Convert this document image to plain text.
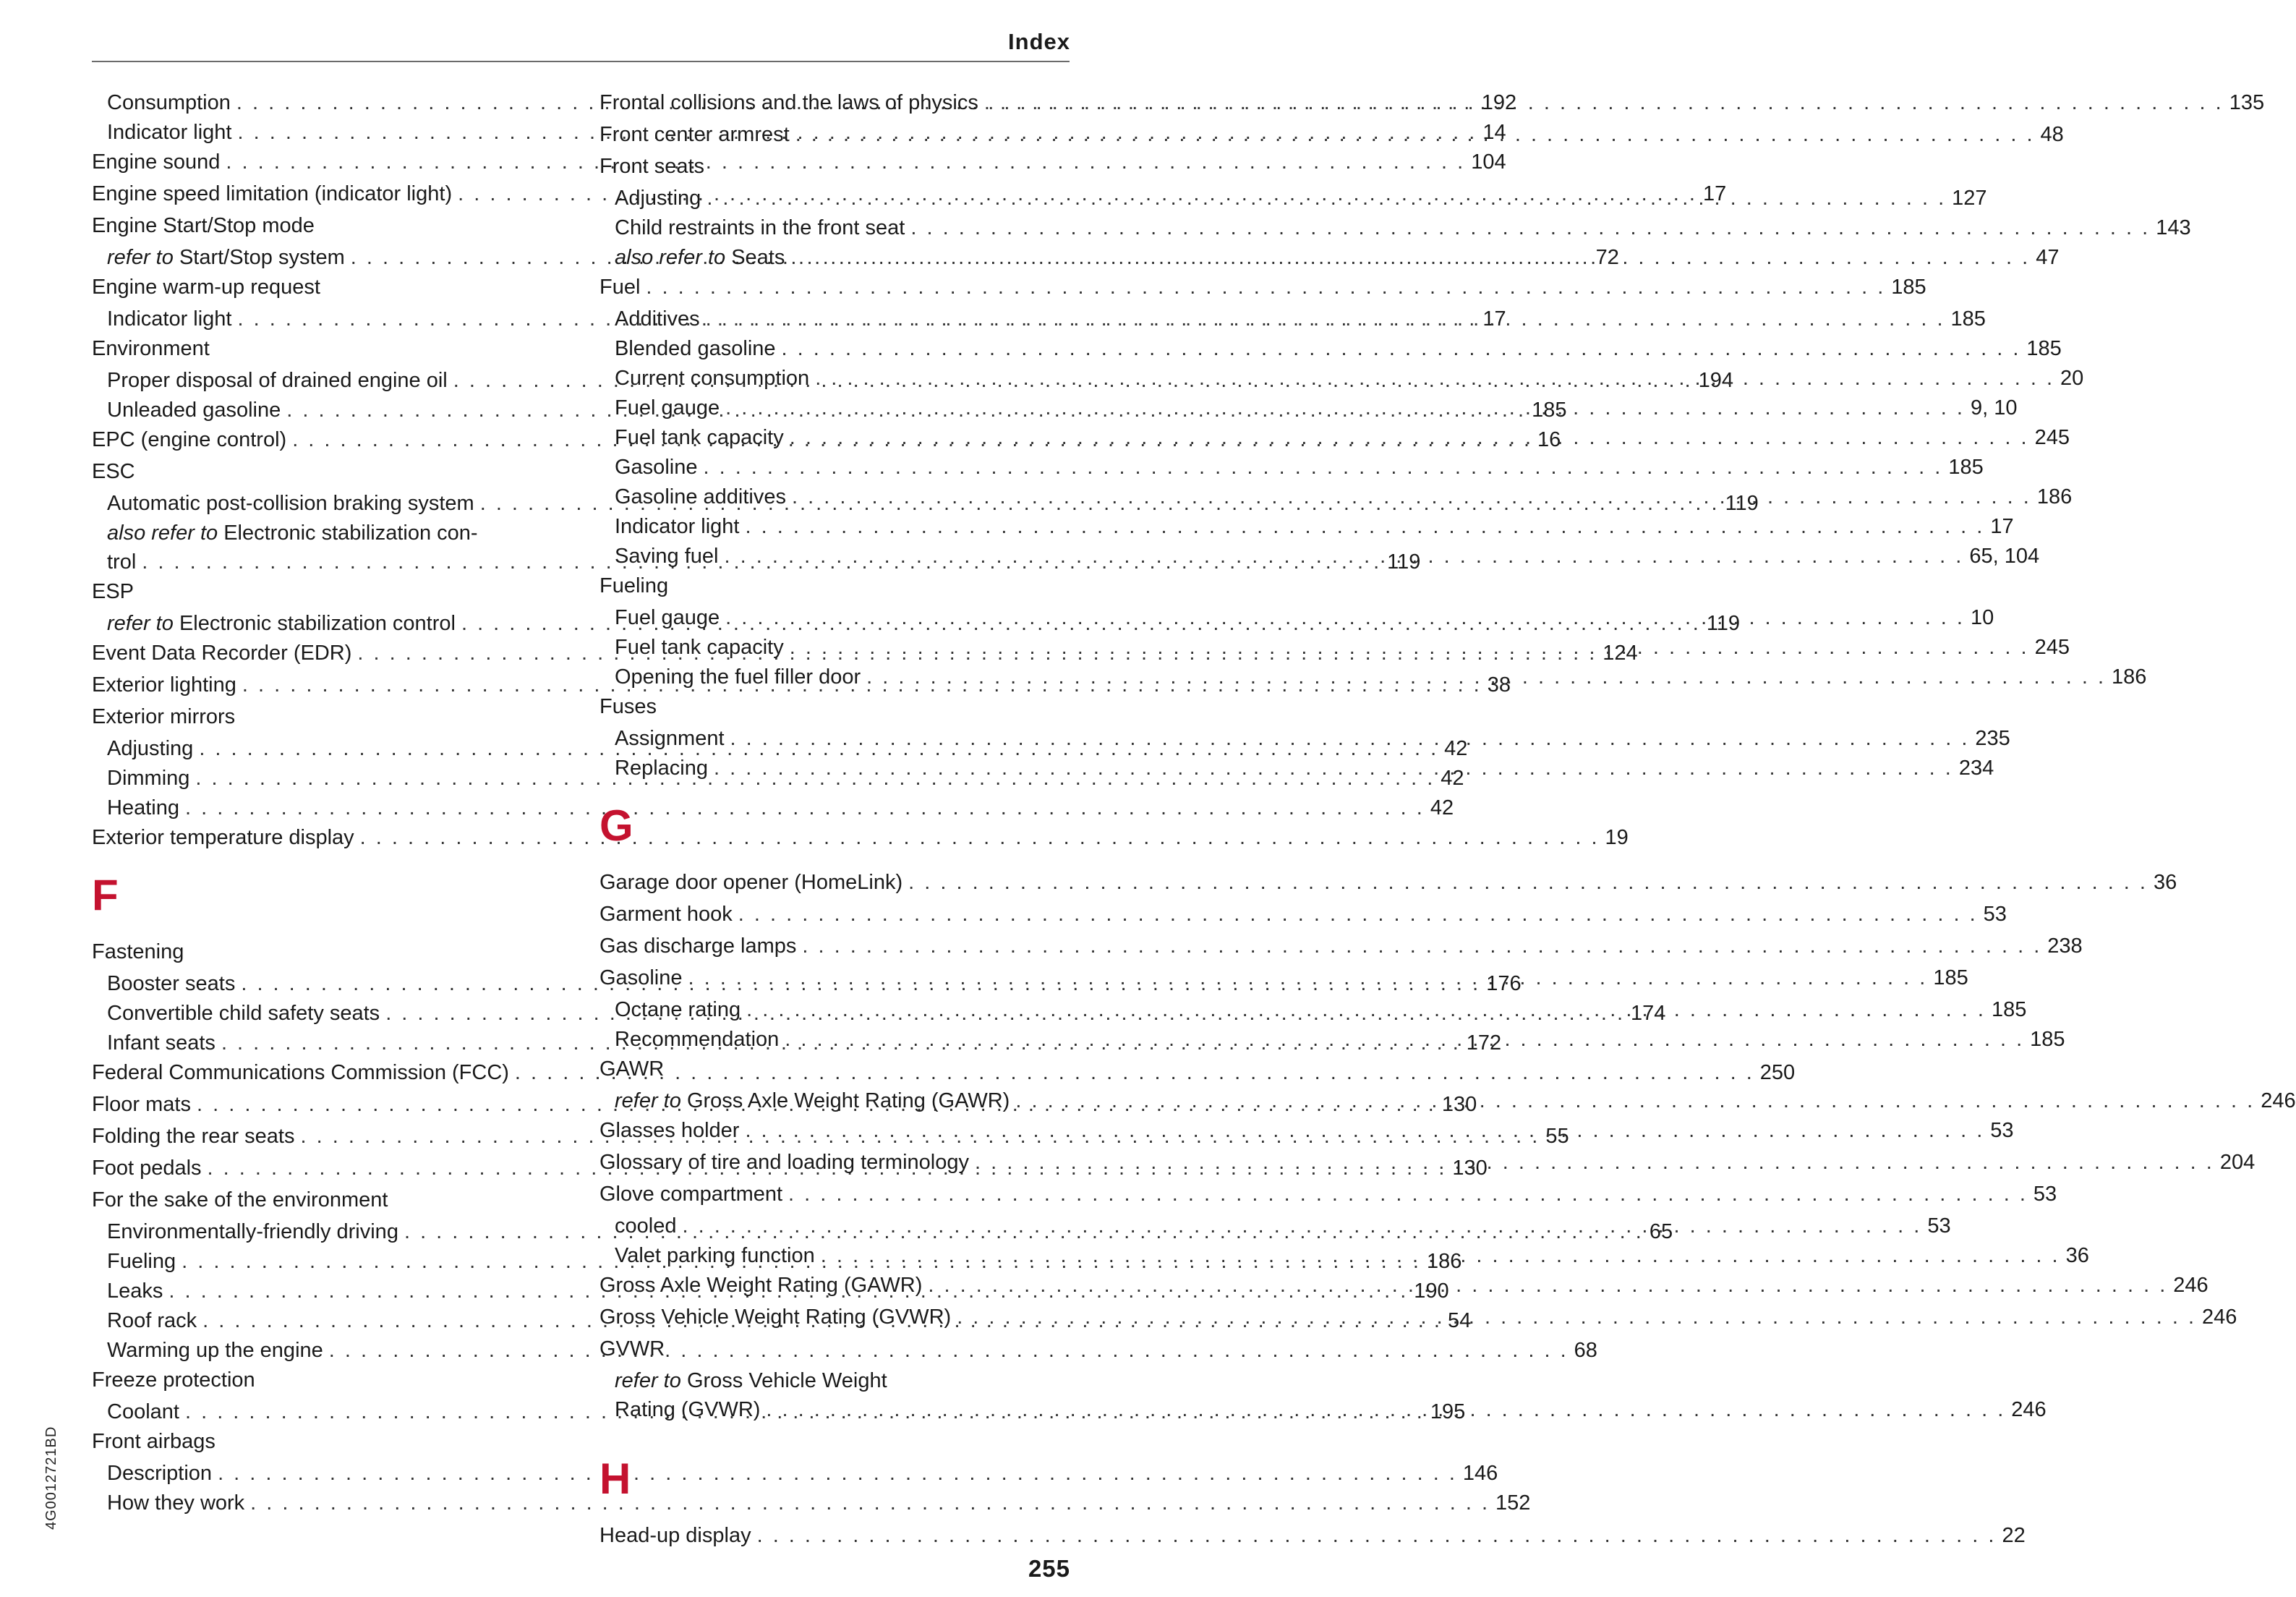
Index
Consumption . . .	192
Indicator light . . .	14
Engine sound . . .	104
Engine speed limitation (indicator light) . . .	17
Engine Start/Stop mode
refer to Start/Stop system . . .	72
Engine warm-up request
Indicator light . . .	17
Environment
Proper disposal of drained engine oil . . .	194
Unleaded gasoline . . .	185
EPC (engine control) . . .	16
ESC
Automatic post-collision braking system . . .	119
also refer to Electronic stabilization con-
trol . . .	119
ESP
refer to Electronic stabilization control . . .	119
Event Data Recorder (EDR) . . .	124
Exterior lighting . . .	38
Exterior mirrors
Adjusting . . .	42
Dimming . . .	42
Heating . . .	42
Exterior temperature display . . .	19
F
Fastening
Booster seats . . .	176
Convertible child safety seats . . .	174
Infant seats . . .	172
Federal Communications Commission (FCC) . . .	250
Floor mats . . .	130
Folding the rear seats . . .	55
Foot pedals . . .	130
For the sake of the environment
Environmentally-friendly driving . . .	65
Fueling . . .	186
Leaks . . .	190
Roof rack . . .	54
Warming up the engine . . .	68
Freeze protection
Coolant . . .	195
Front airbags
Description . . .	146
How they work . . .	152
Frontal collisions and the laws of physics . . .	135
Front center armrest . . .	48
Front seats
Adjusting . . .	127
Child restraints in the front seat . . .	143
also refer to Seats . . .	47
Fuel . . .	185
Additives . . .	185
Blended gasoline . . .	185
Current consumption . . .	20
Fuel gauge . . .	9, 10
Fuel tank capacity . . .	245
Gasoline . . .	185
Gasoline additives . . .	186
Indicator light . . .	17
Saving fuel . . .	65, 104
Fueling
Fuel gauge . . .	10
Fuel tank capacity . . .	245
Opening the fuel filler door . . .	186
Fuses
Assignment . . .	235
Replacing . . .	234
G
Garage door opener (HomeLink) . . .	36
Garment hook . . .	53
Gas discharge lamps . . .	238
Gasoline . . .	185
Octane rating . . .	185
Recommendation . . .	185
GAWR
refer to Gross Axle Weight Rating (GAWR) . . .	246
Glasses holder . . .	53
Glossary of tire and loading terminology . . .	204
Glove compartment . . .	53
cooled . . .	53
Valet parking function . . .	36
Gross Axle Weight Rating (GAWR) . . .	246
Gross Vehicle Weight Rating (GVWR) . . .	246
GVWR
refer to Gross Vehicle Weight
Rating (GVWR) . . .	246
H
Head-up display . . .	22
4G0012721BD
255
